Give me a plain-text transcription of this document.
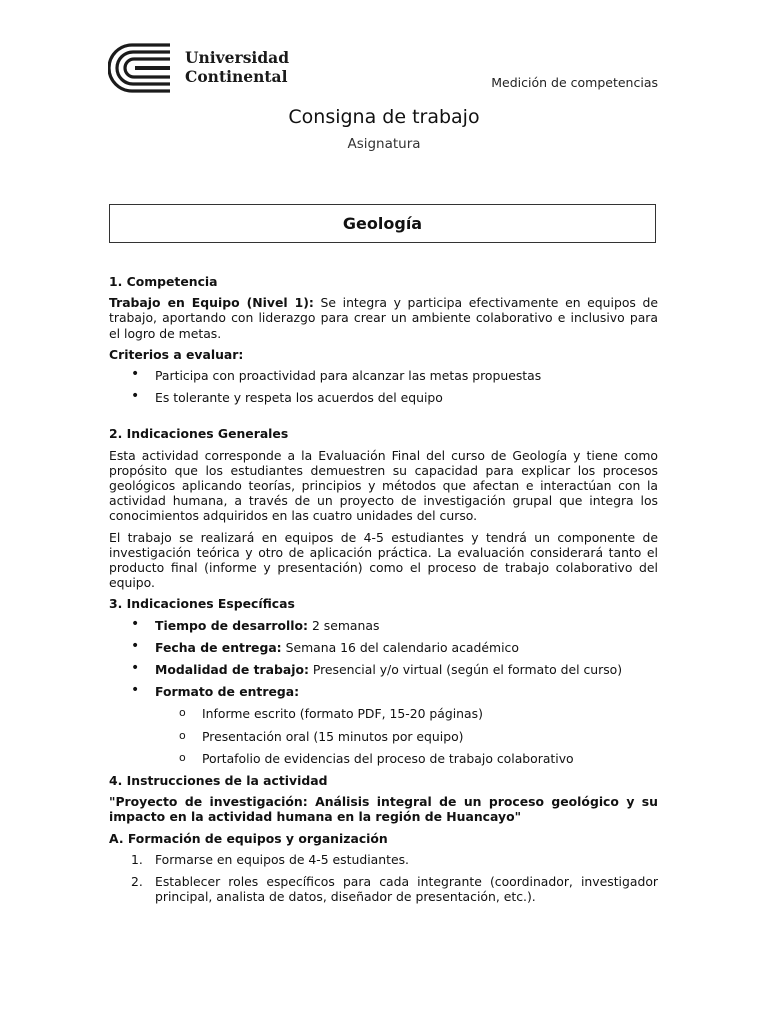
Universidad
Continental	Medición de competencias
Consigna de trabajo
Asignatura
Geología
1. Competencia

Trabajo en Equipo (Nivel 1): Se integra y participa efectivamente en equipos de trabajo, aportando con liderazgo para crear un ambiente colaborativo e inclusivo para el logro de metas.

Criterios a evaluar:
• Participa con proactividad para alcanzar las metas propuestas
• Es tolerante y respeta los acuerdos del equipo
2. Indicaciones Generales

Esta actividad corresponde a la Evaluación Final del curso de Geología y tiene como propósito que los estudiantes demuestren su capacidad para explicar los procesos geológicos aplicando teorías, principios y métodos que afectan e interactúan con la actividad humana, a través de un proyecto de investigación grupal que integra los conocimientos adquiridos en las cuatro unidades del curso.

El trabajo se realizará en equipos de 4-5 estudiantes y tendrá un componente de investigación teórica y otro de aplicación práctica. La evaluación considerará tanto el producto final (informe y presentación) como el proceso de trabajo colaborativo del equipo.

3. Indicaciones Específicas
• Tiempo de desarrollo: 2 semanas
• Fecha de entrega: Semana 16 del calendario académico
• Modalidad de trabajo: Presencial y/o virtual (según el formato del curso)
• Formato de entrega:
o Informe escrito (formato PDF, 15-20 páginas)
o Presentación oral (15 minutos por equipo)
o Portafolio de evidencias del proceso de trabajo colaborativo
4. Instrucciones de la actividad

"Proyecto de investigación: Análisis integral de un proceso geológico y su impacto en la actividad humana en la región de Huancayo"

A. Formación de equipos y organización
1. Formarse en equipos de 4-5 estudiantes.
2. Establecer roles específicos para cada integrante (coordinador, investigador principal, analista de datos, diseñador de presentación, etc.).
